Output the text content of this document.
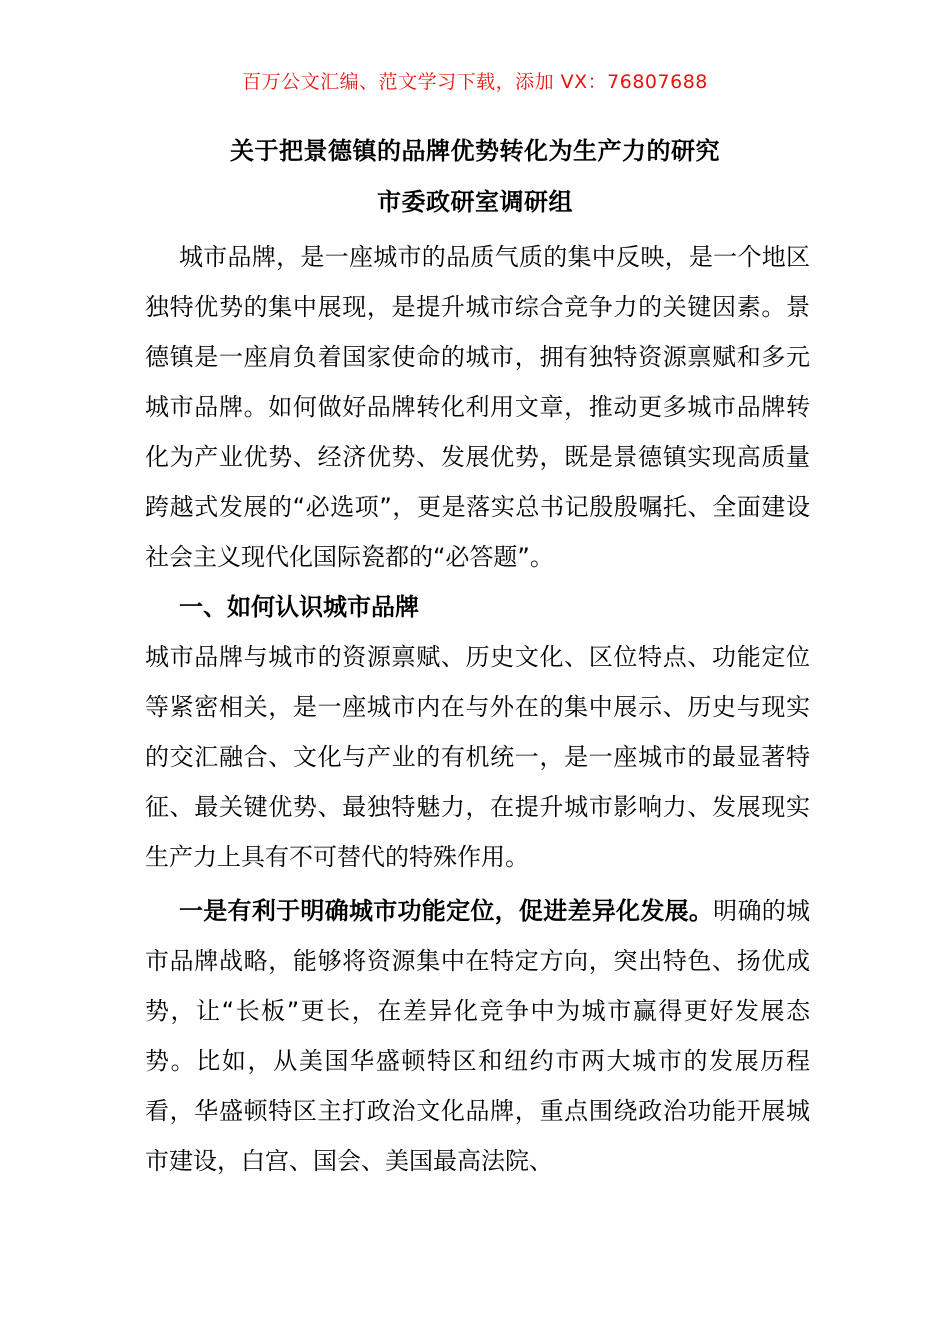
百万公文汇编、范文学习下载，添加 VX：76807688
关于把景德镇的品牌优势转化为生产力的研究
市委政研室调研组

城市品牌，是一座城市的品质气质的集中反映，是一个地区独特优势的集中展现，是提升城市综合竞争力的关键因素。景德镇是一座肩负着国家使命的城市，拥有独特资源禀赋和多元城市品牌。如何做好品牌转化利用文章，推动更多城市品牌转化为产业优势、经济优势、发展优势，既是景德镇实现高质量跨越式发展的“必选项”，更是落实总书记殷殷嘱托、全面建设社会主义现代化国际瓷都的“必答题”。

一、如何认识城市品牌

城市品牌与城市的资源禀赋、历史文化、区位特点、功能定位等紧密相关，是一座城市内在与外在的集中展示、历史与现实的交汇融合、文化与产业的有机统一，是一座城市的最显著特征、最关键优势、最独特魅力，在提升城市影响力、发展现实生产力上具有不可替代的特殊作用。

一是有利于明确城市功能定位，促进差异化发展。明确的城市品牌战略，能够将资源集中在特定方向，突出特色、扬优成势，让“长板”更长，在差异化竞争中为城市赢得更好发展态势。比如，从美国华盛顿特区和纽约市两大城市的发展历程看，华盛顿特区主打政治文化品牌，重点围绕政治功能开展城市建设，白宫、国会、美国最高法院、
